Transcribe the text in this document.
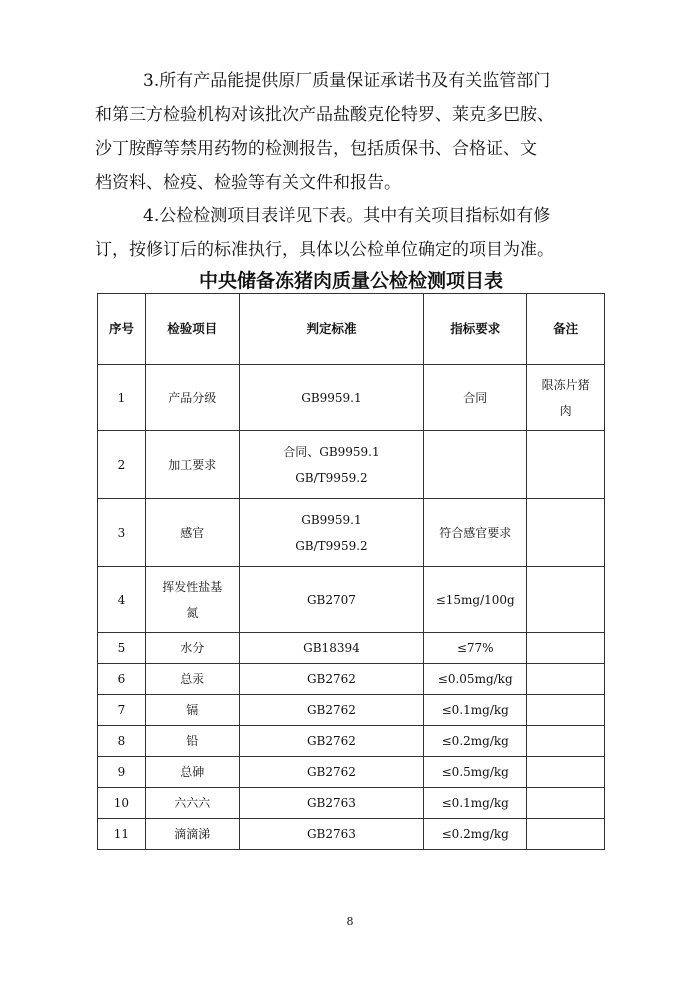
3.所有产品能提供原厂质量保证承诺书及有关监管部门
和第三方检验机构对该批次产品盐酸克伦特罗、莱克多巴胺、
沙丁胺醇等禁用药物的检测报告，包括质保书、合格证、文
档资料、检疫、检验等有关文件和报告。
4.公检检测项目表详见下表。其中有关项目指标如有修
订，按修订后的标准执行，具体以公检单位确定的项目为准。
中央储备冻猪肉质量公检检测项目表
序号	检验项目	判定标准	指标要求	备注
1	产品分级	GB9959.1	合同	限冻片猪
肉

2	加工要求	合同、GB9959.1
GB/T9959.2		

3	感官	GB9959.1
GB/T9959.2	符合感官要求	
4	挥发性盐基
氮	GB2707	≤15mg/100g	
5	水分	GB18394	≤77%	
6	总汞	GB2762	≤0.05mg/kg	
7	镉	GB2762	≤0.1mg/kg	
8	铅	GB2762	≤0.2mg/kg	
9	总砷	GB2762	≤0.5mg/kg	
10	六六六	GB2763	≤0.1mg/kg	
11	滴滴涕	GB2763	≤0.2mg/kg	
8
